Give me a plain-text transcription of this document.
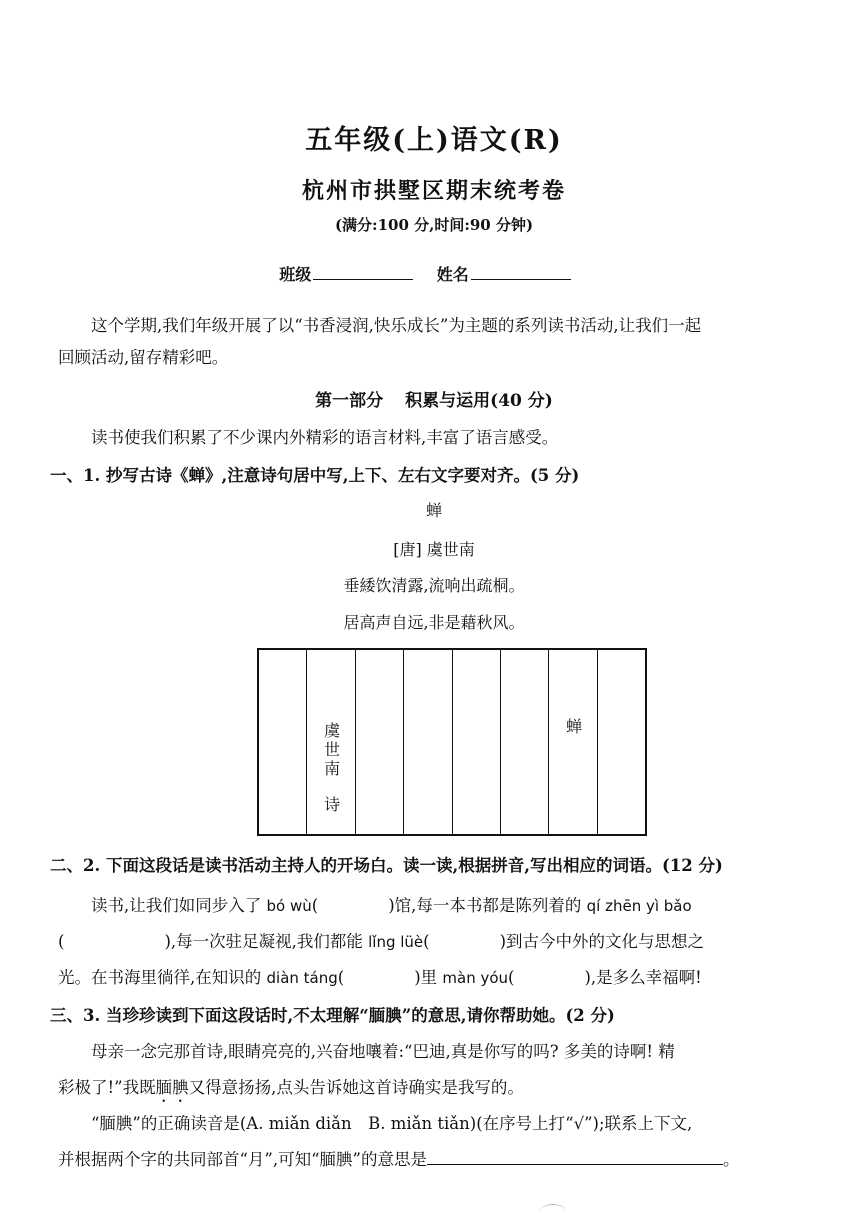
五年级(上)语文(R)
杭州市拱墅区期末统考卷
(满分:100 分,时间:90 分钟)
班级	姓名
这个学期,我们年级开展了以“书香浸润,快乐成长”为主题的系列读书活动,让我们一起
回顾活动,留存精彩吧。
第一部分 积累与运用(40 分)
读书使我们积累了不少课内外精彩的语言材料,丰富了语言感受。
一、1. 抄写古诗《蝉》,注意诗句居中写,上下、左右文字要对齐。(5 分)
蝉
[唐] 虞世南
垂緌饮清露,流响出疏桐。
居高声自远,非是藉秋风。
虞世南
诗
蝉
二、2. 下面这段话是读书活动主持人的开场白。读一读,根据拼音,写出相应的词语。(12 分)
读书,让我们如同步入了 bó wù(	)馆,每一本书都是陈列着的 qí zhēn yì bǎo
(	),每一次驻足凝视,我们都能 lǐng lüè(	)到古今中外的文化与思想之
光。在书海里徜徉,在知识的 diàn táng(	)里 màn yóu(	),是多么幸福啊!
三、3. 当珍珍读到下面这段话时,不太理解“腼腆”的意思,请你帮助她。(2 分)
母亲一念完那首诗,眼睛亮亮的,兴奋地嚷着:“巴迪,真是你写的吗? 多美的诗啊! 精
彩极了!”我既腼腆又得意扬扬,点头告诉她这首诗确实是我写的。
“腼腆”的正确读音是(A. miǎn diǎn　B. miǎn tiǎn)(在序号上打“√”);联系上下文,
并根据两个字的共同部首“月”,可知“腼腆”的意思是	。
